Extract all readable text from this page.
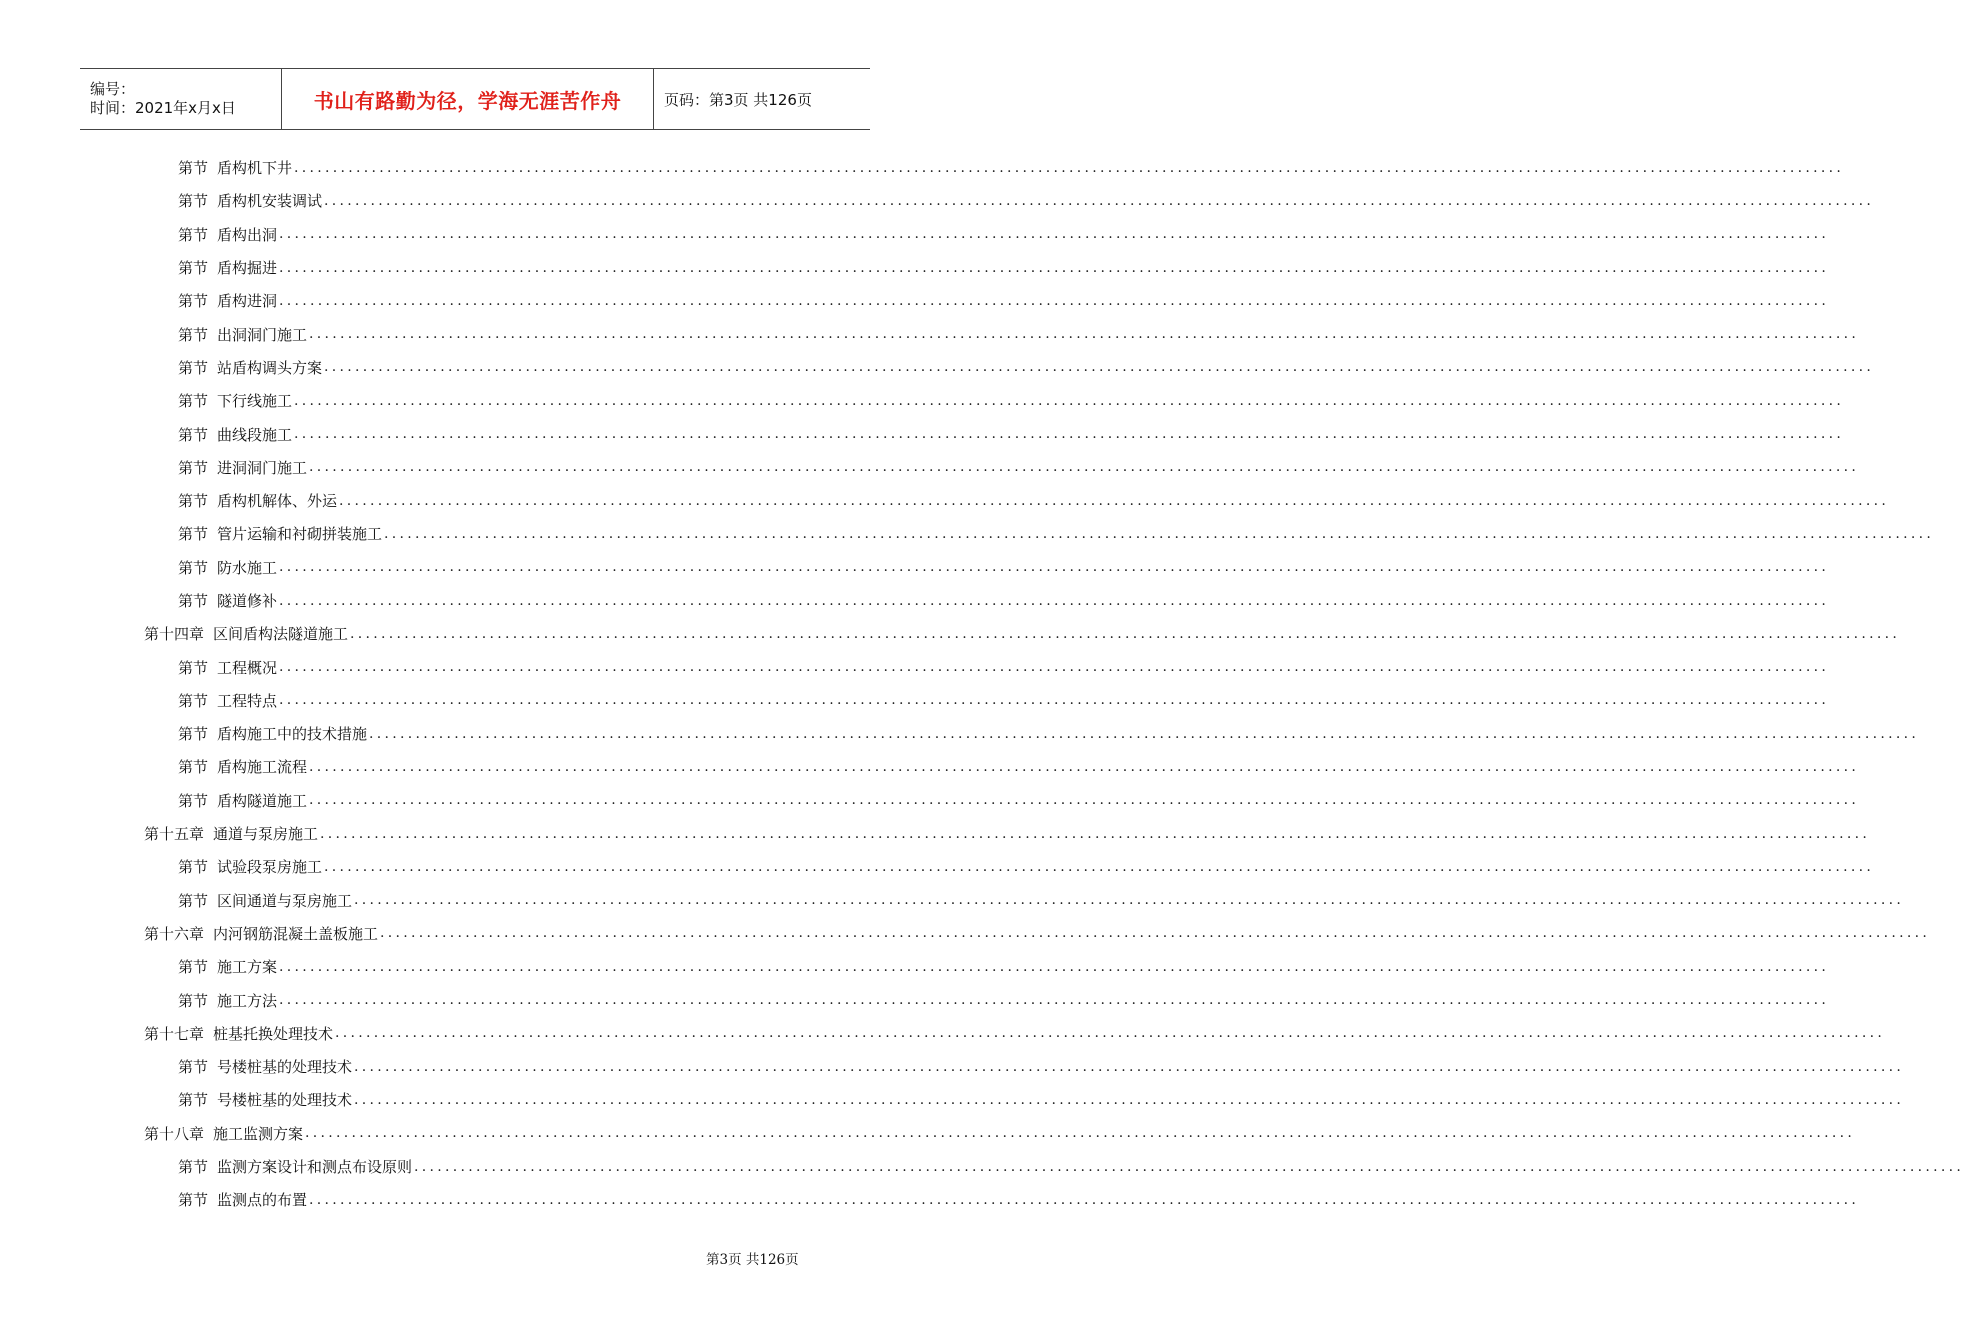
编号：
时间：2021年x月x日	书山有路勤为径，学海无涯苦作舟	页码：第3页 共126页
第节 盾构机下井 ........................................................................................................................................................................................................
第节 盾构机安装调试 ........................................................................................................................................................................................................
第节 盾构出洞 ........................................................................................................................................................................................................
第节 盾构掘进 ........................................................................................................................................................................................................
第节 盾构进洞 ........................................................................................................................................................................................................
第节 出洞洞门施工 ........................................................................................................................................................................................................
第节 站盾构调头方案 ........................................................................................................................................................................................................
第节 下行线施工 ........................................................................................................................................................................................................
第节 曲线段施工 ........................................................................................................................................................................................................
第节 进洞洞门施工 ........................................................................................................................................................................................................
第节 盾构机解体、外运 ........................................................................................................................................................................................................
第节 管片运输和衬砌拼装施工 ........................................................................................................................................................................................................
第节 防水施工 ........................................................................................................................................................................................................
第节 隧道修补 ........................................................................................................................................................................................................
第十四章 区间盾构法隧道施工 ........................................................................................................................................................................................................
第节 工程概况 ........................................................................................................................................................................................................
第节 工程特点 ........................................................................................................................................................................................................
第节 盾构施工中的技术措施 ........................................................................................................................................................................................................
第节 盾构施工流程 ........................................................................................................................................................................................................
第节 盾构隧道施工 ........................................................................................................................................................................................................
第十五章 通道与泵房施工 ........................................................................................................................................................................................................
第节 试验段泵房施工 ........................................................................................................................................................................................................
第节 区间通道与泵房施工 ........................................................................................................................................................................................................
第十六章 内河钢筋混凝土盖板施工 ........................................................................................................................................................................................................
第节 施工方案 ........................................................................................................................................................................................................
第节 施工方法 ........................................................................................................................................................................................................
第十七章 桩基托换处理技术 ........................................................................................................................................................................................................
第节 号楼桩基的处理技术 ........................................................................................................................................................................................................
第节 号楼桩基的处理技术 ........................................................................................................................................................................................................
第十八章 施工监测方案 ........................................................................................................................................................................................................
第节 监测方案设计和测点布设原则 ........................................................................................................................................................................................................
第节 监测点的布置 ........................................................................................................................................................................................................
第3页 共126页
